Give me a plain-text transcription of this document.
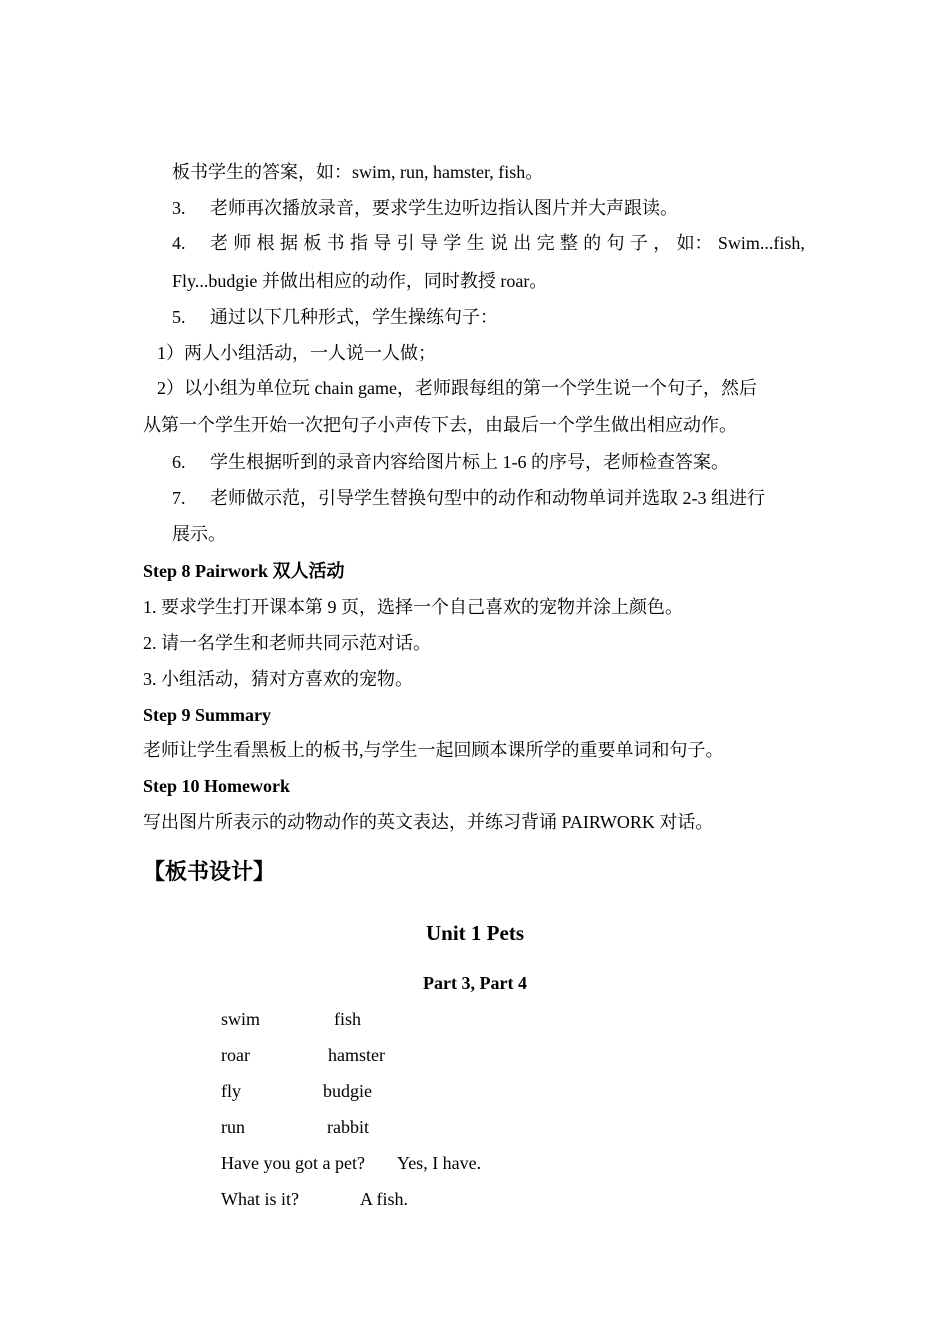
板书学生的答案，如：swim, run, hamster, fish。
3. 老师再次播放录音，要求学生边听边指认图片并大声跟读。
4.	老 师 根 据 板 书 指 导 引 导 学 生 说 出 完 整 的 句 子 ， 如： Swim...fish,
Fly...budgie 并做出相应的动作，同时教授 roar。
5. 通过以下几种形式，学生操练句子：
1）两人小组活动，一人说一人做；
2）以小组为单位玩 chain game，老师跟每组的第一个学生说一个句子，然后
从第一个学生开始一次把句子小声传下去，由最后一个学生做出相应动作。
6. 学生根据听到的录音内容给图片标上 1-6 的序号，老师检查答案。
7. 老师做示范，引导学生替换句型中的动作和动物单词并选取 2-3 组进行
展示。
Step 8 Pairwork 双人活动
1. 要求学生打开课本第 9 页，选择一个自己喜欢的宠物并涂上颜色。
2. 请一名学生和老师共同示范对话。
3. 小组活动，猜对方喜欢的宠物。
Step 9 Summary
老师让学生看黑板上的板书,与学生一起回顾本课所学的重要单词和句子。
Step 10 Homework
写出图片所表示的动物动作的英文表达，并练习背诵 PAIRWORK 对话。
【板书设计】
Unit 1 Pets
Part 3, Part 4
swim	fish
roar	hamster
fly	budgie
run	rabbit
Have you got a pet? Yes, I have.
What is it?	A fish.
